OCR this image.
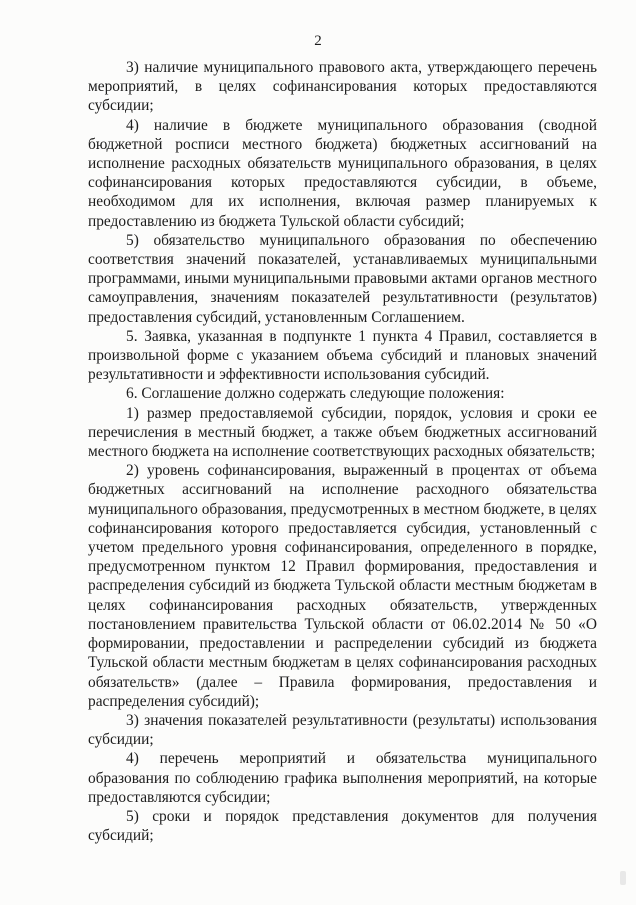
2

3) наличие муниципального правового акта, утверждающего перечень мероприятий, в целях софинансирования которых предоставляются субсидии;

4) наличие в бюджете муниципального образования (сводной бюджетной росписи местного бюджета) бюджетных ассигнований на исполнение расходных обязательств муниципального образования, в целях софинансирования которых предоставляются субсидии, в объеме, необходимом для их исполнения, включая размер планируемых к предоставлению из бюджета Тульской области субсидий;

5) обязательство муниципального образования по обеспечению соответствия значений показателей, устанавливаемых муниципальными программами, иными муниципальными правовыми актами органов местного самоуправления, значениям показателей результативности (результатов) предоставления субсидий, установленным Соглашением.

5. Заявка, указанная в подпункте 1 пункта 4 Правил, составляется в произвольной форме с указанием объема субсидий и плановых значений результативности и эффективности использования субсидий.

6. Соглашение должно содержать следующие положения:

1) размер предоставляемой субсидии, порядок, условия и сроки ее перечисления в местный бюджет, а также объем бюджетных ассигнований местного бюджета на исполнение соответствующих расходных обязательств;

2) уровень софинансирования, выраженный в процентах от объема бюджетных ассигнований на исполнение расходного обязательства муниципального образования, предусмотренных в местном бюджете, в целях софинансирования которого предоставляется субсидия, установленный с учетом предельного уровня софинансирования, определенного в порядке, предусмотренном пунктом 12 Правил формирования, предоставления и распределения субсидий из бюджета Тульской области местным бюджетам в целях софинансирования расходных обязательств, утвержденных постановлением правительства Тульской области от 06.02.2014 № 50 «О формировании, предоставлении и распределении субсидий из бюджета Тульской области местным бюджетам в целях софинансирования расходных обязательств» (далее – Правила формирования, предоставления и распределения субсидий);

3) значения показателей результативности (результаты) использования субсидии;

4) перечень мероприятий и обязательства муниципального образования по соблюдению графика выполнения мероприятий, на которые предоставляются субсидии;

5) сроки и порядок представления документов для получения субсидий;
